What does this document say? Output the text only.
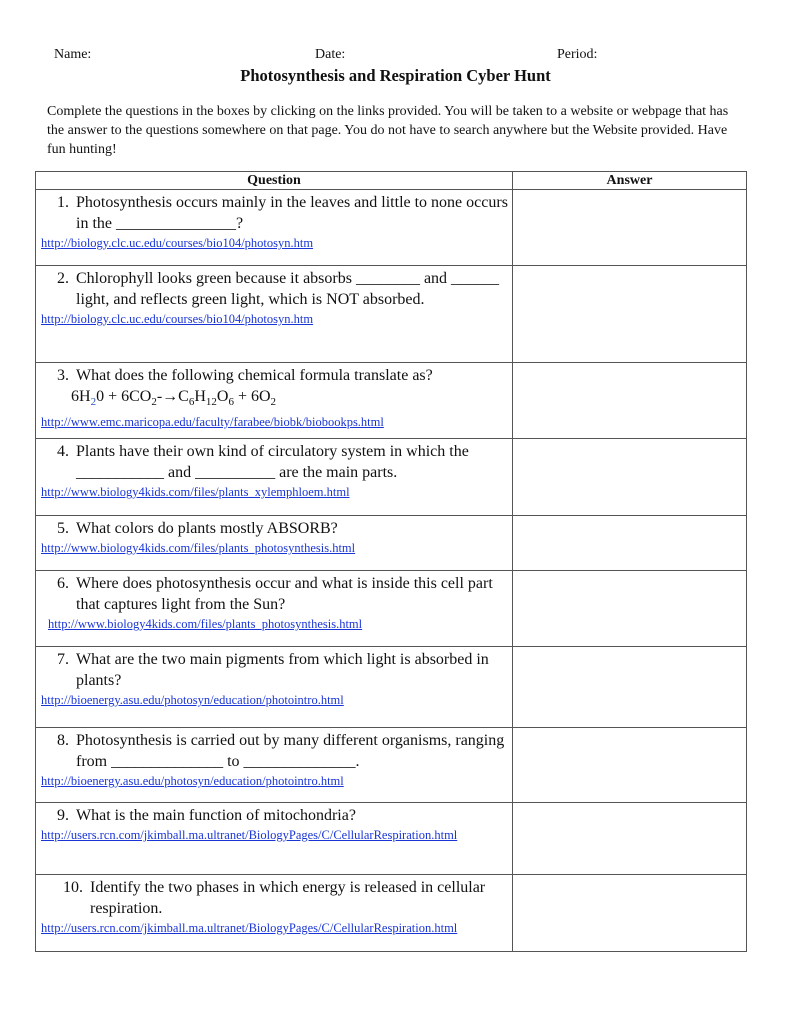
Name:	Date:	Period:
Photosynthesis and Respiration Cyber Hunt
Complete the questions in the boxes by clicking on the links provided. You will be taken to a website or webpage that has the answer to the questions somewhere on that page. You do not have to search anywhere but the Website provided. Have fun hunting!
Question	Answer

1. Photosynthesis occurs mainly in the leaves and little to none occurs in the _______________?
http://biology.clc.uc.edu/courses/bio104/photosyn.htm	

2. Chlorophyll looks green because it absorbs ________ and ______ light, and reflects green light, which is NOT absorbed.
http://biology.clc.uc.edu/courses/bio104/photosyn.htm	

3. What does the following chemical formula translate as?
$6H_20 + 6CO_2-\to C_6H_{12}O_6 + 6O_2$
http://www.emc.maricopa.edu/faculty/farabee/biobk/biobookps.html	

4. Plants have their own kind of circulatory system in which the ___________ and __________ are the main parts.
http://www.biology4kids.com/files/plants_xylemphloem.html	

5. What colors do plants mostly ABSORB?
http://www.biology4kids.com/files/plants_photosynthesis.html	

6. Where does photosynthesis occur and what is inside this cell part that captures light from the Sun?
http://www.biology4kids.com/files/plants_photosynthesis.html	

7. What are the two main pigments from which light is absorbed in plants?
http://bioenergy.asu.edu/photosyn/education/photointro.html	

8. Photosynthesis is carried out by many different organisms, ranging from ______________ to ______________.
http://bioenergy.asu.edu/photosyn/education/photointro.html	

9. What is the main function of mitochondria?
http://users.rcn.com/jkimball.ma.ultranet/BiologyPages/C/CellularRespiration.html	

10. Identify the two phases in which energy is released in cellular respiration.
http://users.rcn.com/jkimball.ma.ultranet/BiologyPages/C/CellularRespiration.html	
